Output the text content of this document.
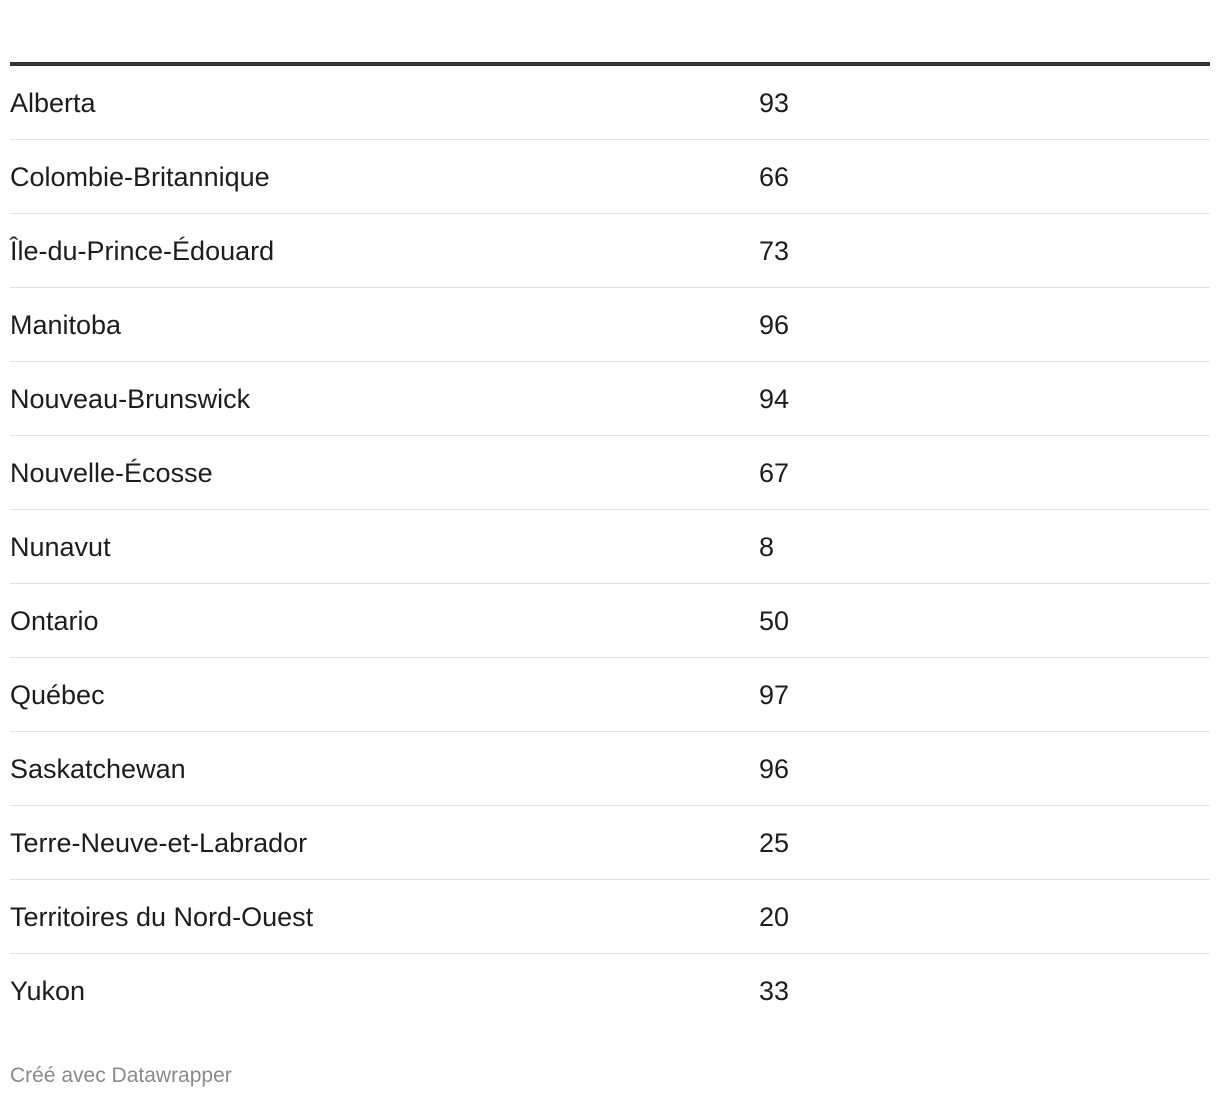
Alberta	93
Colombie-Britannique	66
Île-du-Prince-Édouard	73
Manitoba	96
Nouveau-Brunswick	94
Nouvelle-Écosse	67
Nunavut	8
Ontario	50
Québec	97
Saskatchewan	96
Terre-Neuve-et-Labrador	25
Territoires du Nord-Ouest	20
Yukon	33
Créé avec Datawrapper
